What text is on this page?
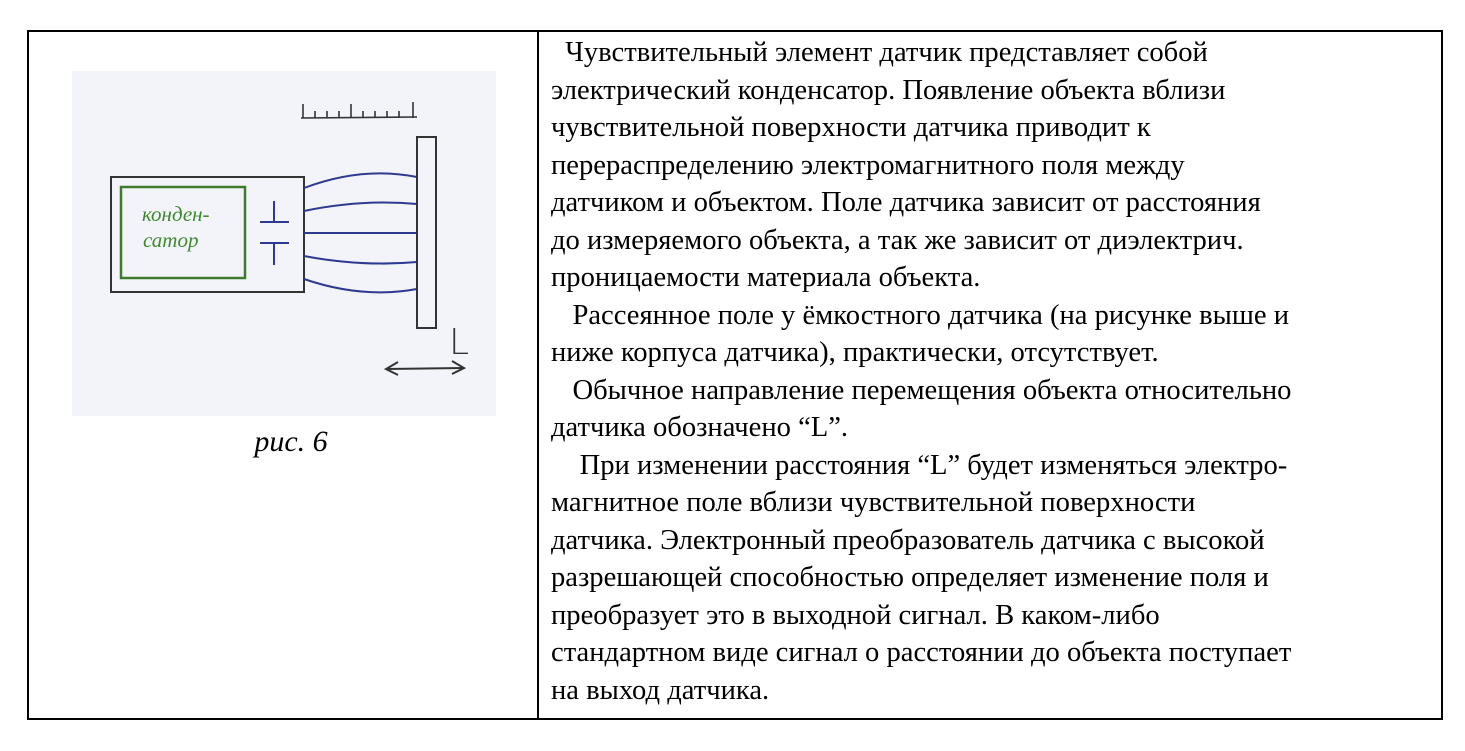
L
конден-
сатор
рис. 6
Чувствительный элемент датчик представляет собой
электрический конденсатор. Появление объекта вблизи
чувствительной поверхности датчика приводит к
перераспределению электромагнитного поля между
датчиком и объектом. Поле датчика зависит от расстояния
до измеряемого объекта, а так же зависит от диэлектрич.
проницаемости материала объекта.
Рассеянное поле у ёмкостного датчика (на рисунке выше и
ниже корпуса датчика), практически, отсутствует.
Обычное направление перемещения объекта относительно
датчика обозначено “L”.
При изменении расстояния “L” будет изменяться электро-
магнитное поле вблизи чувствительной поверхности
датчика. Электронный преобразователь датчика с высокой
разрешающей способностью определяет изменение поля и
преобразует это в выходной сигнал. В каком-либо
стандартном виде сигнал о расстоянии до объекта поступает
на выход датчика.
